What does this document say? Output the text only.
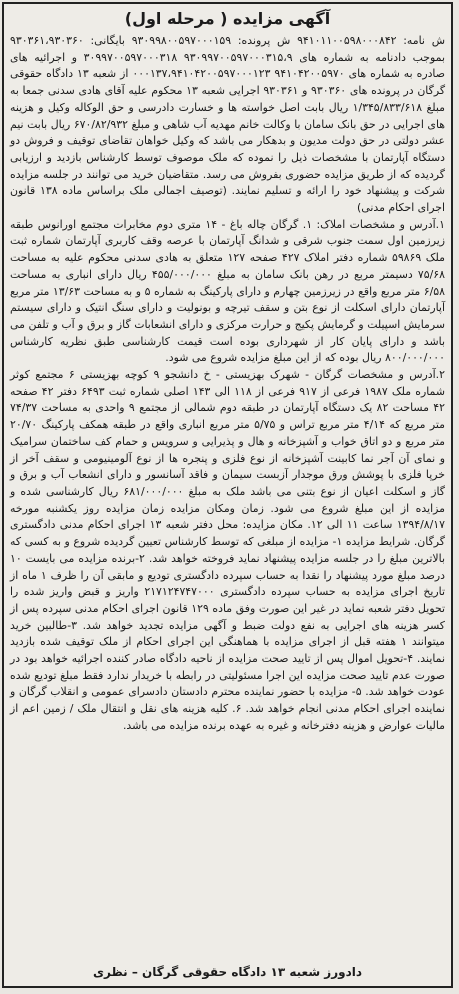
آگهی مزایده ( مرحله اول)

ش نامه: ۹۴۱۰۱۱۰۰۵۹۸۰۰۰۸۴۲ ش پرونده: ۹۳۰۹۹۸۰۰۵۹۷۰۰۰۱۵۹ بایگانی: ۹۳۰۳۶۱،۹۳۰۳۶۰ بموجب دادنامه به شماره های ۹۳۰۹۹۷۰۰۵۹۷۰۰۰۳۱۵،۹ ۳۰۹۹۷۰۰۵۹۷۰۰۰۳۱۸ و اجرائیه های صادره به شماره های ۹۴۱۰۴۲۰۰۵۹۷۰ ۰۰۰۱۳۷،۹۴۱۰۴۲۰۰۵۹۷۰۰۰۱۲۳ از شعبه ۱۳ دادگاه حقوقی گرگان در پرونده های ۹۳۰۳۶۰ و ۹۳۰۳۶۱ اجرایی شعبه ۱۳ محکوم علیه آقای هادی سدنی جمعا به مبلغ ۱/۳۴۵/۸۳۳/۶۱۸ ریال بابت اصل خواسته ها و خسارت دادرسی و حق الوکاله وکیل و هزینه های اجرایی در حق بانک سامان با وکالت خانم مهدیه آب شاهی و مبلغ ۶۷۰/۸۲/۹۳۲ ریال بابت نیم عشر دولتی در حق دولت مدیون و بدهکار می باشد که وکیل خواهان تقاضای توقیف و فروش دو دستگاه آپارتمان با مشخصات ذیل را نموده که ملک موصوف توسط کارشناس بازدید و ارزیابی گردیده که از طریق مزایده حضوری بفروش می رسد. متقاضیان خرید می توانند در جلسه مزایده شرکت و پیشنهاد خود را ارائه و تسلیم نمایند. (توصیف اجمالی ملک براساس ماده ۱۳۸ قانون اجرای احکام مدنی)

۱.آدرس و مشخصات املاک: ۱. گرگان چاله باغ - ۱۴ متری دوم مخابرات مجتمع اورانوس طبقه زیرزمین اول سمت جنوب شرقی و شدانگ آپارتمان با عرصه وقف کاربری آپارتمان شماره ثبت ملک ۵۹۸۶۹ شماره دفتر املاک ۴۲۷ صفحه ۱۲۷ متعلق به هادی سدنی محکوم علیه به مساحت ۷۵/۶۸ دسیمتر مربع در رهن بانک سامان به مبلغ ۴۵۵/۰۰۰/۰۰۰ ریال دارای انباری به مساحت ۶/۵۸ متر مربع واقع در زیرزمین چهارم و دارای پارکینگ به شماره ۵ و به مساحت ۱۳/۶۳ متر مربع آپارتمان دارای اسکلت از نوع بتن و سقف تیرچه و بونولیت و دارای سنگ انتیک و دارای سیستم سرمایش اسپیلت و گرمایش پکیج و حرارت مرکزی و دارای انشعابات گاز و برق و آب و تلفن می باشد و دارای پایان کار از شهرداری بوده است قیمت کارشناسی طبق نظریه کارشناس ۸۰۰/۰۰۰/۰۰۰ ریال بوده که از این مبلغ مزایده شروع می شود.

۲.آدرس و مشخصات گرگان - شهرک بهزیستی - خ دانشجو ۹ کوچه بهزیستی ۶ مجتمع کوثر شماره ملک ۱۹۸۷ فرعی از ۹۱۷ فرعی از ۱۱۸ الی ۱۴۳ اصلی شماره ثبت ۶۴۹۳ دفتر ۴۲ صفحه ۴۲ مساحت ۸۲ یک دستگاه آپارتمان در طبقه دوم شمالی از مجتمع ۹ واحدی به مساحت ۷۴/۳۷ متر مربع که ۴/۱۴ متر مربع تراس و ۵/۷۵ متر مربع انباری واقع در طبقه همکف پارکینگ ۲۰/۷۰ متر مربع و دو اتاق خواب و آشپزخانه و هال و پذیرایی و سرویس و حمام کف ساختمان سرامیک و نمای آن آجر نما کابینت آشپزخانه از نوع فلزی و پنجره ها از نوع آلومینیومی و سقف آخر از خرپا فلزی با پوشش ورق موجدار آزبست سیمان و فاقد آسانسور و دارای انشعاب آب و برق و گاز و اسکلت اعیان از نوع بتنی می باشد ملک به مبلغ ۶۸۱/۰۰۰/۰۰۰ ریال کارشناسی شده و مزایده از این مبلغ شروع می شود. زمان ومکان مزایده زمان مزایده روز یکشنبه مورخه ۱۳۹۴/۸/۱۷ ساعت ۱۱ الی ۱۲. مکان مزایده: محل دفتر شعبه ۱۳ اجرای احکام مدنی دادگستری گرگان. شرایط مزایده ۱- مزایده از مبلغی که توسط کارشناس تعیین گردیده شروع و به کسی که بالاترین مبلغ را در جلسه مزایده پیشنهاد نماید فروخته خواهد شد. ۲-برنده مزایده می بایست ۱۰ درصد مبلغ مورد پیشنهاد را نقدا به حساب سپرده دادگستری تودیع و مابقی آن را ظرف ۱ ماه از تاریخ اجرای مزایده به حساب سپرده دادگستری ۲۱۷۱۲۴۷۴۷۰۰۰ واریز و قبض واریز شده را تحویل دفتر شعبه نماید در غیر این صورت وفق ماده ۱۲۹ قانون اجرای احکام مدنی سپرده پس از کسر هزینه های اجرایی به نفع دولت ضبط و آگهی مزایده تجدید خواهد شد. ۳-طالبین خرید میتوانند ۱ هفته قبل از اجرای مزایده با هماهنگی این اجرای احکام از ملک توقیف شده بازدید نمایند. ۴-تحویل اموال پس از تایید صحت مزایده از ناحیه دادگاه صادر کننده اجرائیه خواهد بود در صورت عدم تایید صحت مزایده این اجرا مسئولیتی در رابطه با خریدار ندارد فقط مبلغ تودیع شده عودت خواهد شد. ۵- مزایده با حضور نماینده محترم دادستان دادسرای عمومی و انقلاب گرگان و نماینده اجرای احکام مدنی انجام خواهد شد. ۶. کلیه هزینه های نقل و انتقال ملک / زمین اعم از مالیات عوارض و هزینه دفترخانه و غیره به عهده برنده مزایده می باشد.

دادورز شعبه ۱۳ دادگاه حقوقی گرگان – نظری
